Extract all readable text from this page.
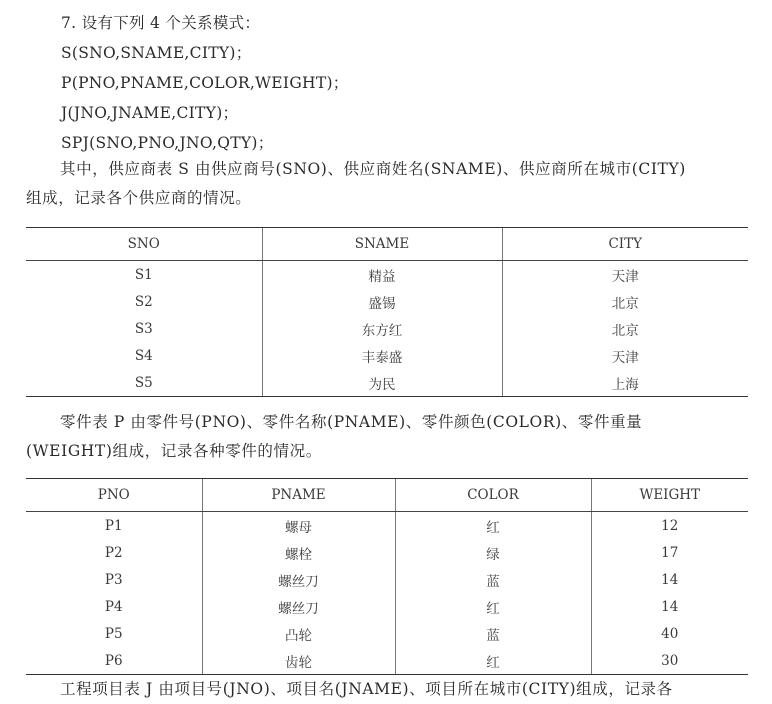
7. 设有下列 4 个关系模式：
S(SNO,SNAME,CITY)；
P(PNO,PNAME,COLOR,WEIGHT)；
J(JNO,JNAME,CITY)；
SPJ(SNO,PNO,JNO,QTY)；
其中，供应商表 S 由供应商号(SNO)、供应商姓名(SNAME)、供应商所在城市(CITY)
组成，记录各个供应商的情况。
SNO	SNAME	CITY
S1	精益	天津
S2	盛锡	北京
S3	东方红	北京
S4	丰泰盛	天津
S5	为民	上海
零件表 P 由零件号(PNO)、零件名称(PNAME)、零件颜色(COLOR)、零件重量
(WEIGHT)组成，记录各种零件的情况。
PNO	PNAME	COLOR	WEIGHT
P1	螺母	红	12
P2	螺栓	绿	17
P3	螺丝刀	蓝	14
P4	螺丝刀	红	14
P5	凸轮	蓝	40
P6	齿轮	红	30
工程项目表 J 由项目号(JNO)、项目名(JNAME)、项目所在城市(CITY)组成，记录各
